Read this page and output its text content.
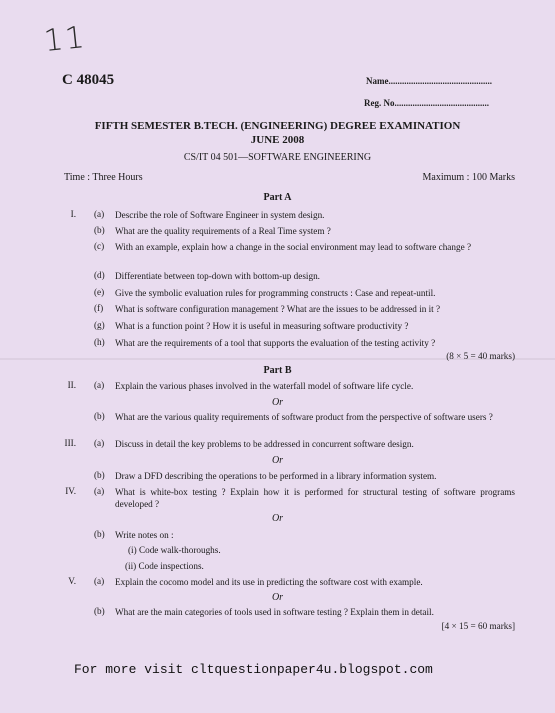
11
C 48045	Name..............................................
Reg. No..........................................
FIFTH SEMESTER B.TECH. (ENGINEERING) DEGREE EXAMINATION
JUNE 2008
CS/IT 04 501—SOFTWARE ENGINEERING
Time : Three Hours	Maximum : 100 Marks
Part A
I. (a) Describe the role of Software Engineer in system design.
(b) What are the quality requirements of a Real Time system ?
(c) With an example, explain how a change in the social environment may lead to software change ?
(d) Differentiate between top-down with bottom-up design.
(e) Give the symbolic evaluation rules for programming constructs : Case and repeat-until.
(f) What is software configuration management ? What are the issues to be addressed in it ?
(g) What is a function point ? How it is useful in measuring software productivity ?
(h) What are the requirements of a tool that supports the evaluation of the testing activity ?
(8 × 5 = 40 marks)
Part B
II. (a) Explain the various phases involved in the waterfall model of software life cycle.
Or
(b) What are the various quality requirements of software product from the perspective of software users ?
III. (a) Discuss in detail the key problems to be addressed in concurrent software design.
Or
(b) Draw a DFD describing the operations to be performed in a library information system.
IV. (a) What is white-box testing ? Explain how it is performed for structural testing of software programs developed ?
Or
(b) Write notes on :
(i) Code walk-thoroughs.
(ii) Code inspections.
V. (a) Explain the cocomo model and its use in predicting the software cost with example.
Or
(b) What are the main categories of tools used in software testing ? Explain them in detail.
[4 × 15 = 60 marks]
For more visit cltquestionpaper4u.blogspot.com
